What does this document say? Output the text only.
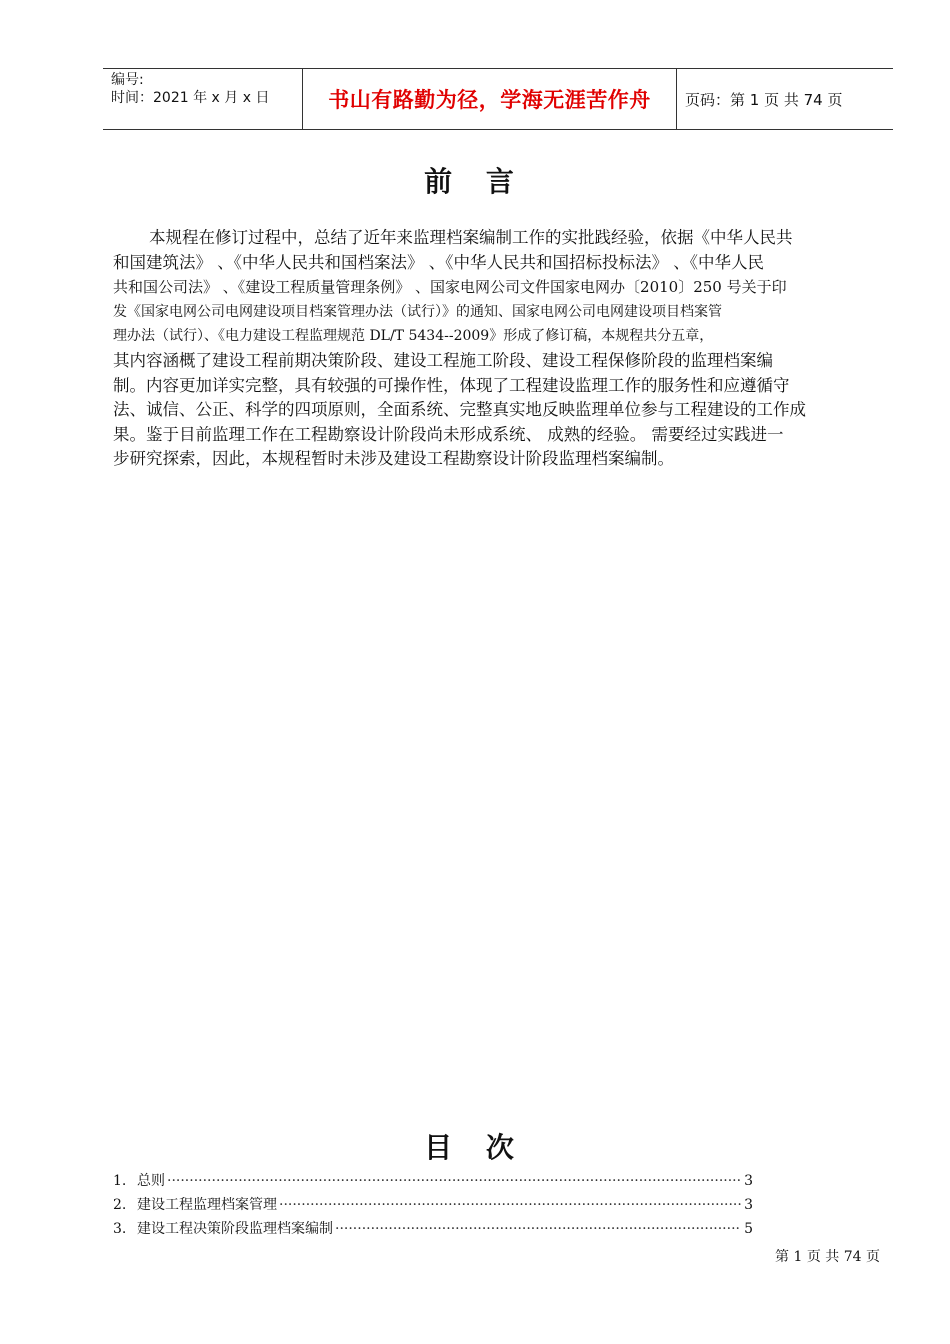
编号:
时间：2021 年 x 月 x 日	书山有路勤为径，学海无涯苦作舟	页码：第 1 页 共 74 页
前 言
本规程在修订过程中，总结了近年来监理档案编制工作的实批践经验，依据《中华人民共
和国建筑法》 、《中华人民共和国档案法》 、《中华人民共和国招标投标法》 、《中华人民
共和国公司法》 、《建设工程质量管理条例》 、国家电网公司文件国家电网办〔2010〕250 号关于印
发《国家电网公司电网建设项目档案管理办法（试行）》的通知、国家电网公司电网建设项目档案管
理办法（试行）、《电力建设工程监理规范 DL/T 5434--2009》形成了修订稿，本规程共分五章，
其内容涵概了建设工程前期决策阶段、建设工程施工阶段、建设工程保修阶段的监理档案编
制。内容更加详实完整，具有较强的可操作性，体现了工程建设监理工作的服务性和应遵循守
法、诚信、公正、科学的四项原则，全面系统、完整真实地反映监理单位参与工程建设的工作成
果。鉴于目前监理工作在工程勘察设计阶段尚未形成系统、 成熟的经验。 需要经过实践进一
步研究探索，因此，本规程暂时未涉及建设工程勘察设计阶段监理档案编制。
目 次
1. 总则 ·····	3
2. 建设工程监理档案管理 ·····	3
3. 建设工程决策阶段监理档案编制 ·····	5
第 1 页 共 74 页
